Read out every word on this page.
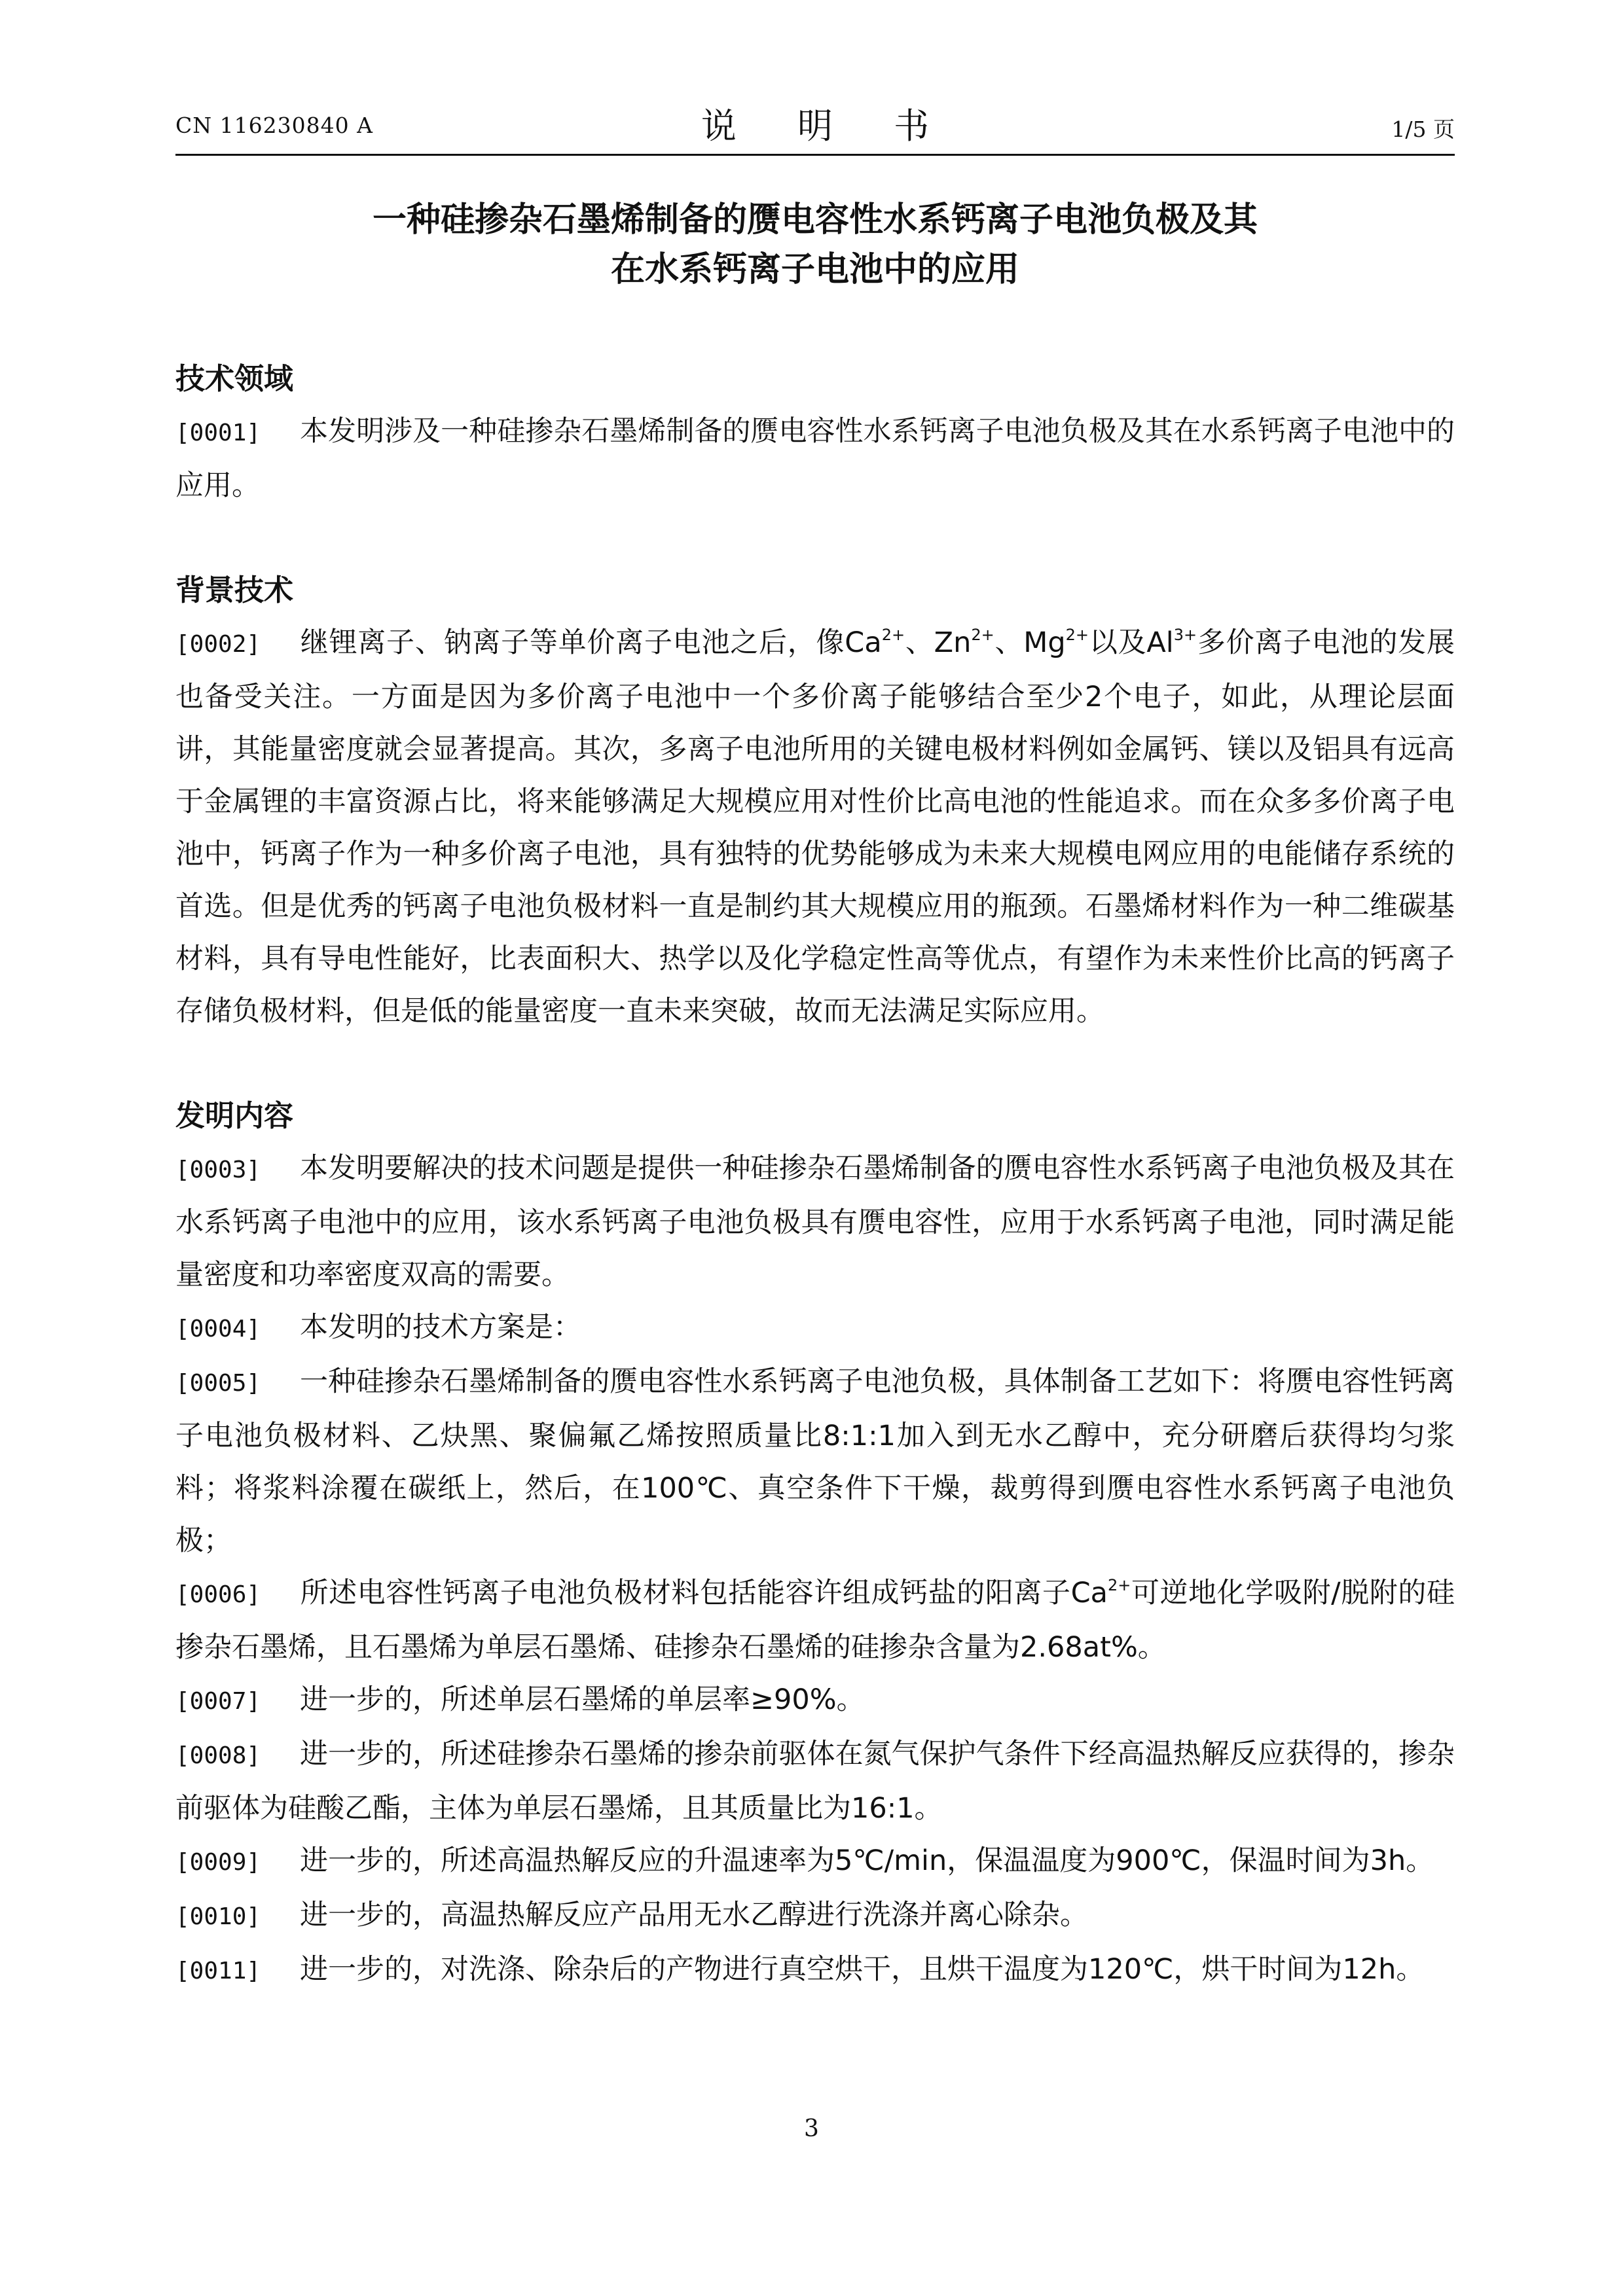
CN 116230840 A	说 明 书	1/5 页
一种硅掺杂石墨烯制备的赝电容性水系钙离子电池负极及其
在水系钙离子电池中的应用
技术领域
[0001] 本发明涉及一种硅掺杂石墨烯制备的赝电容性水系钙离子电池负极及其在水系钙离子电池中的应用。
背景技术
[0002] 继锂离子、钠离子等单价离子电池之后，像$Ca^{2+}$、$Zn^{2+}$、$Mg^{2+}$以及$Al^{3+}$多价离子电池的发展也备受关注。一方面是因为多价离子电池中一个多价离子能够结合至少2个电子，如此，从理论层面讲，其能量密度就会显著提高。其次，多离子电池所用的关键电极材料例如金属钙、镁以及铝具有远高于金属锂的丰富资源占比，将来能够满足大规模应用对性价比高电池的性能追求。而在众多多价离子电池中，钙离子作为一种多价离子电池，具有独特的优势能够成为未来大规模电网应用的电能储存系统的首选。但是优秀的钙离子电池负极材料一直是制约其大规模应用的瓶颈。石墨烯材料作为一种二维碳基材料，具有导电性能好，比表面积大、热学以及化学稳定性高等优点，有望作为未来性价比高的钙离子存储负极材料，但是低的能量密度一直未来突破，故而无法满足实际应用。
发明内容
[0003] 本发明要解决的技术问题是提供一种硅掺杂石墨烯制备的赝电容性水系钙离子电池负极及其在水系钙离子电池中的应用，该水系钙离子电池负极具有赝电容性，应用于水系钙离子电池，同时满足能量密度和功率密度双高的需要。
[0004] 本发明的技术方案是：
[0005] 一种硅掺杂石墨烯制备的赝电容性水系钙离子电池负极，具体制备工艺如下：将赝电容性钙离子电池负极材料、乙炔黑、聚偏氟乙烯按照质量比8:1:1加入到无水乙醇中，充分研磨后获得均匀浆料；将浆料涂覆在碳纸上，然后，在100℃、真空条件下干燥，裁剪得到赝电容性水系钙离子电池负极；
[0006] 所述电容性钙离子电池负极材料包括能容许组成钙盐的阳离子$Ca^{2+}$可逆地化学吸附/脱附的硅掺杂石墨烯，且石墨烯为单层石墨烯、硅掺杂石墨烯的硅掺杂含量为2.68at%。
[0007] 进一步的，所述单层石墨烯的单层率≥90%。
[0008] 进一步的，所述硅掺杂石墨烯的掺杂前驱体在氮气保护气条件下经高温热解反应获得的，掺杂前驱体为硅酸乙酯，主体为单层石墨烯，且其质量比为16:1。
[0009] 进一步的，所述高温热解反应的升温速率为5℃/min，保温温度为900℃，保温时间为3h。
[0010] 进一步的，高温热解反应产品用无水乙醇进行洗涤并离心除杂。
[0011] 进一步的，对洗涤、除杂后的产物进行真空烘干，且烘干温度为120℃，烘干时间为12h。
3
